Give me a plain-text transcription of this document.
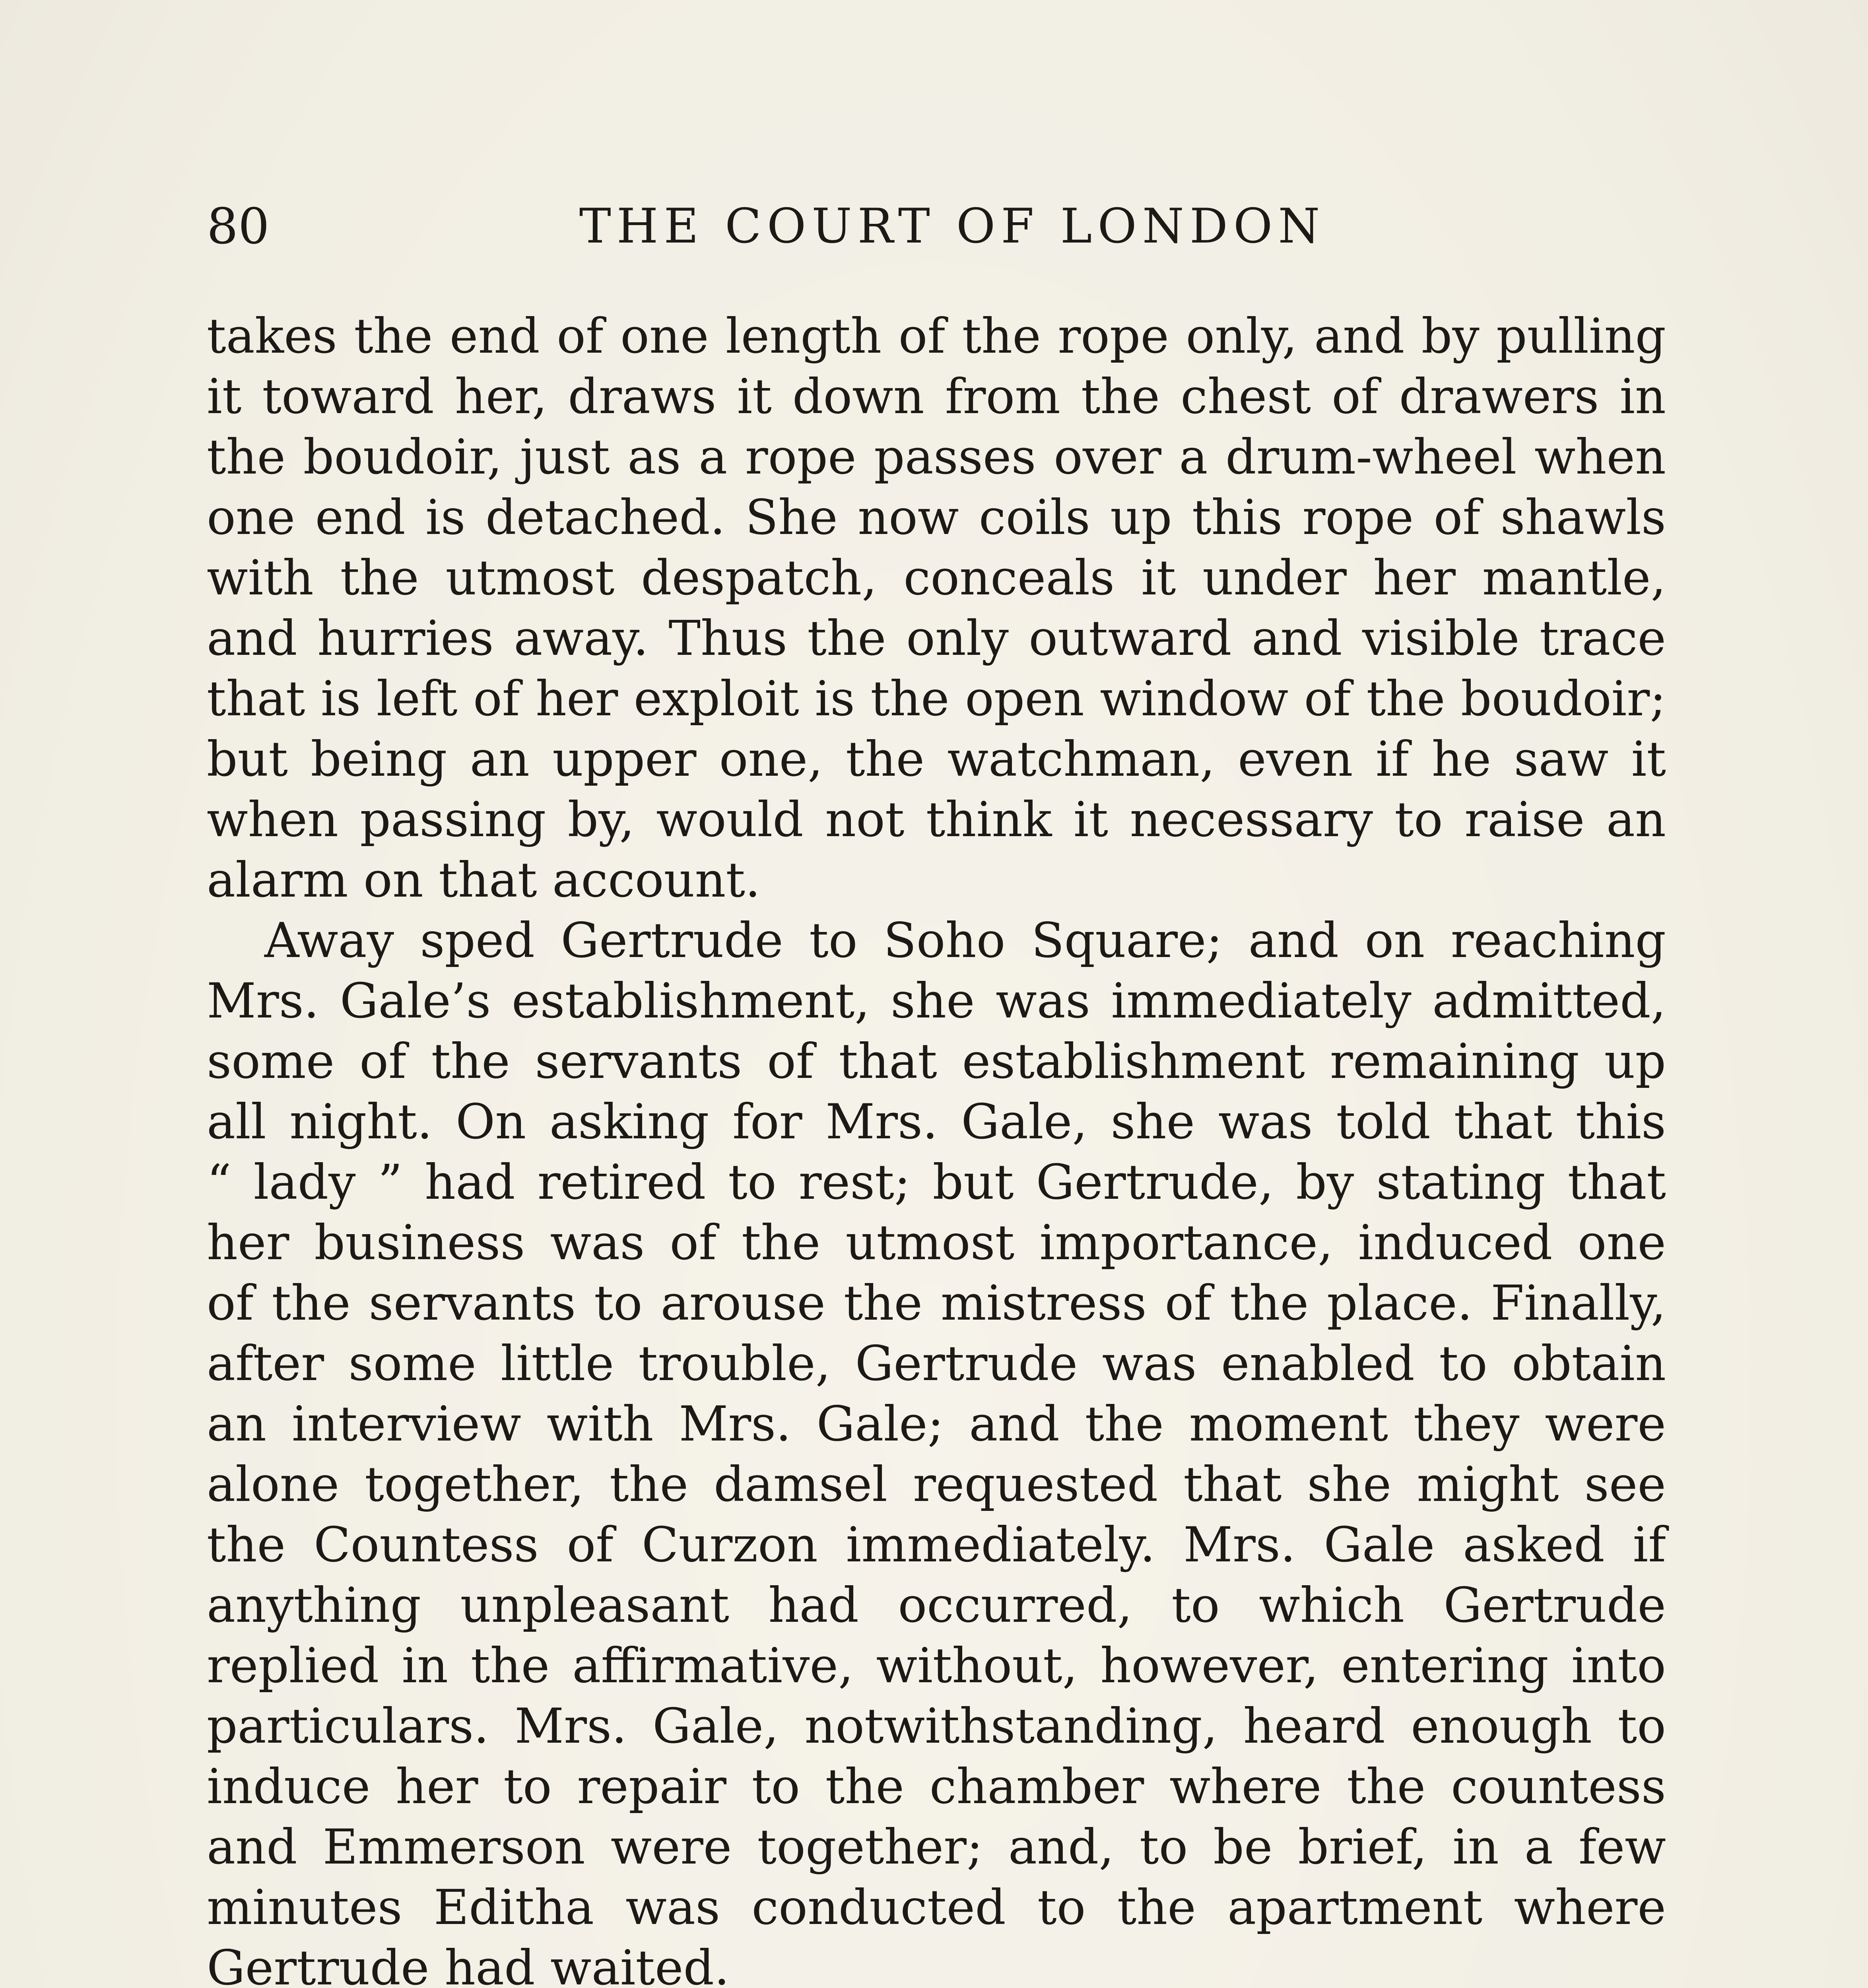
80	THE COURT OF LONDON
takes the end of one length of the rope only, and by pulling
it toward her, draws it down from the chest of drawers in
the boudoir, just as a rope passes over a drum-wheel when
one end is detached. She now coils up this rope of shawls
with the utmost despatch, conceals it under her mantle,
and hurries away. Thus the only outward and visible trace
that is left of her exploit is the open window of the boudoir;
but being an upper one, the watchman, even if he saw it
when passing by, would not think it necessary to raise an
alarm on that account.
Away sped Gertrude to Soho Square; and on reaching
Mrs. Gale’s establishment, she was immediately admitted,
some of the servants of that establishment remaining up
all night. On asking for Mrs. Gale, she was told that this
“ lady ” had retired to rest; but Gertrude, by stating that
her business was of the utmost importance, induced one
of the servants to arouse the mistress of the place. Finally,
after some little trouble, Gertrude was enabled to obtain
an interview with Mrs. Gale; and the moment they were
alone together, the damsel requested that she might see
the Countess of Curzon immediately. Mrs. Gale asked if
anything unpleasant had occurred, to which Gertrude
replied in the affirmative, without, however, entering into
particulars. Mrs. Gale, notwithstanding, heard enough to
induce her to repair to the chamber where the countess
and Emmerson were together; and, to be brief, in a few
minutes Editha was conducted to the apartment where
Gertrude had waited.
